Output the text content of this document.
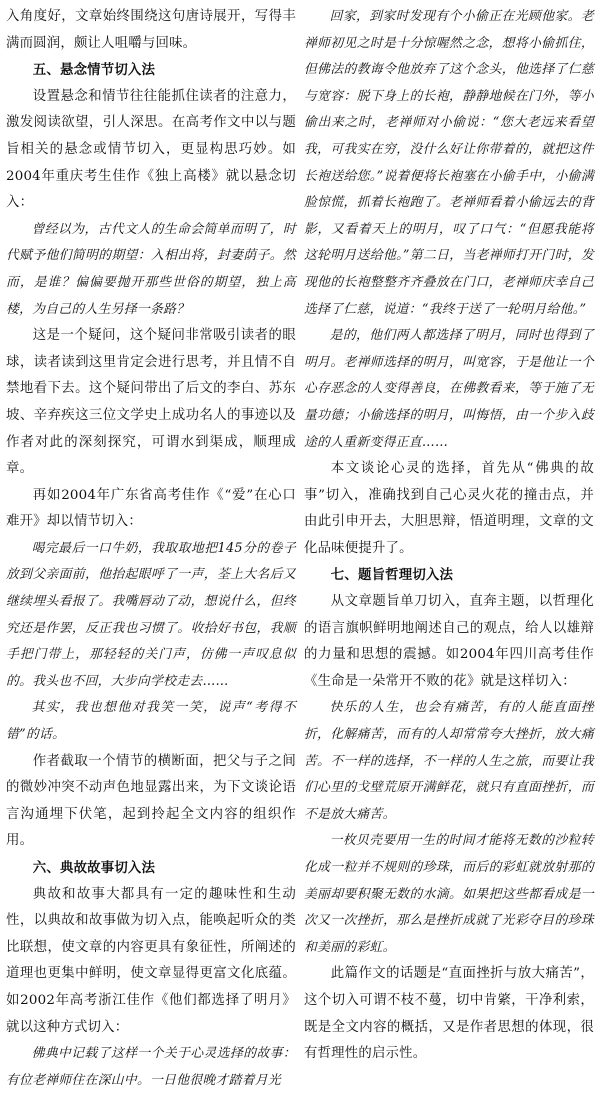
入角度好，文章始终围绕这句唐诗展开，写得丰满而圆润，颇让人咀嚼与回味。

五、悬念情节切入法

设置悬念和情节往往能抓住读者的注意力，激发阅读欲望，引人深思。在高考作文中以与题旨相关的悬念或情节切入，更显构思巧妙。如2004年重庆考生佳作《独上高楼》就以悬念切入：

曾经以为，古代文人的生命会简单而明了，时代赋予他们简明的期望：入相出将，封妻荫子。然而，是谁？偏偏要抛开那些世俗的期望，独上高楼，为自己的人生另择一条路？

这是一个疑问，这个疑问非常吸引读者的眼球，读者读到这里肯定会进行思考，并且情不自禁地看下去。这个疑问带出了后文的李白、苏东坡、辛弃疾这三位文学史上成功名人的事迹以及作者对此的深刻探究，可谓水到渠成，顺理成章。

再如2004年广东省高考佳作《“爱”在心口难开》却以情节切入：

喝完最后一口牛奶，我取取地把145分的卷子放到父亲面前，他抬起眼呼了一声，荃上大名后又继续埋头看报了。我嘴唇动了动，想说什么，但终究还是作罢，反正我也习惯了。收拾好书包，我顺手把门带上，那轻轻的关门声，仿佛一声叹息似的。我头也不回，大步向学校走去……

其实，我也想他对我笑一笑，说声“考得不错”的话。

作者截取一个情节的横断面，把父与子之间的微妙冲突不动声色地显露出来，为下文谈论语言沟通埋下伏笔，起到拎起全文内容的组织作用。

六、典故故事切入法

典故和故事大都具有一定的趣味性和生动性，以典故和故事做为切入点，能唤起听众的类比联想，使文章的内容更具有象征性，所阐述的道理也更集中鲜明，使文章显得更富文化底蕴。如2002年高考浙江佳作《他们都选择了明月》就以这种方式切入：

佛典中记载了这样一个关于心灵选择的故事：有位老禅师住在深山中。一日他很晚才踏着月光

回家，到家时发现有个小偷正在光顾他家。老禅师初见之时是十分惊喔然之念，想将小偷抓住，但佛法的教诲令他放弃了这个念头，他选择了仁慈与宽容：脱下身上的长袍，静静地候在门外，等小偷出来之时，老禅师对小偷说：“您大老远来看望我，可我实在穷，没什么好让你带着的，就把这件长袍送给您。”说着便将长袍塞在小偷手中，小偷满脸惊慌，抓着长袍跑了。老禅师看着小偷远去的背影，又看着天上的明月，叹了口气：“但愿我能将这轮明月送给他。”第二日，当老禅师打开门时，发现他的长袍整整齐齐叠放在门口，老禅师庆幸自己选择了仁慈，说道：“我终于送了一轮明月给他。”

是的，他们两人都选择了明月，同时也得到了明月。老禅师选择的明月，叫宽容，于是他让一个心存恶念的人变得善良，在佛教看来，等于施了无量功德；小偷选择的明月，叫悔悟，由一个步入歧途的人重新变得正直……

本文谈论心灵的选择，首先从“佛典的故事”切入，准确找到自己心灵火花的撞击点，并由此引申开去，大胆思辩，悟道明理，文章的文化品味便提升了。

七、题旨哲理切入法

从文章题旨单刀切入，直奔主题，以哲理化的语言旗帜鲜明地阐述自己的观点，给人以雄辩的力量和思想的震撼。如2004年四川高考佳作《生命是一朵常开不败的花》就是这样切入：

快乐的人生，也会有痛苦，有的人能直面挫折，化解痛苦，而有的人却常常夸大挫折，放大痛苦。不一样的选择，不一样的人生之旅，而要让我们心里的戈壁荒原开满鲜花，就只有直面挫折，而不是放大痛苦。

一枚贝壳要用一生的时间才能将无数的沙粒转化成一粒并不规则的珍珠，而后的彩虹就放射那的美丽却要积聚无数的水滴。如果把这些都看成是一次又一次挫折，那么是挫折成就了光彩夺目的珍珠和美丽的彩虹。

此篇作文的话题是“直面挫折与放大痛苦”，这个切入可谓不枝不蔓，切中肯綮，干净利索，既是全文内容的概括，又是作者思想的体现，很有哲理性的启示性。
